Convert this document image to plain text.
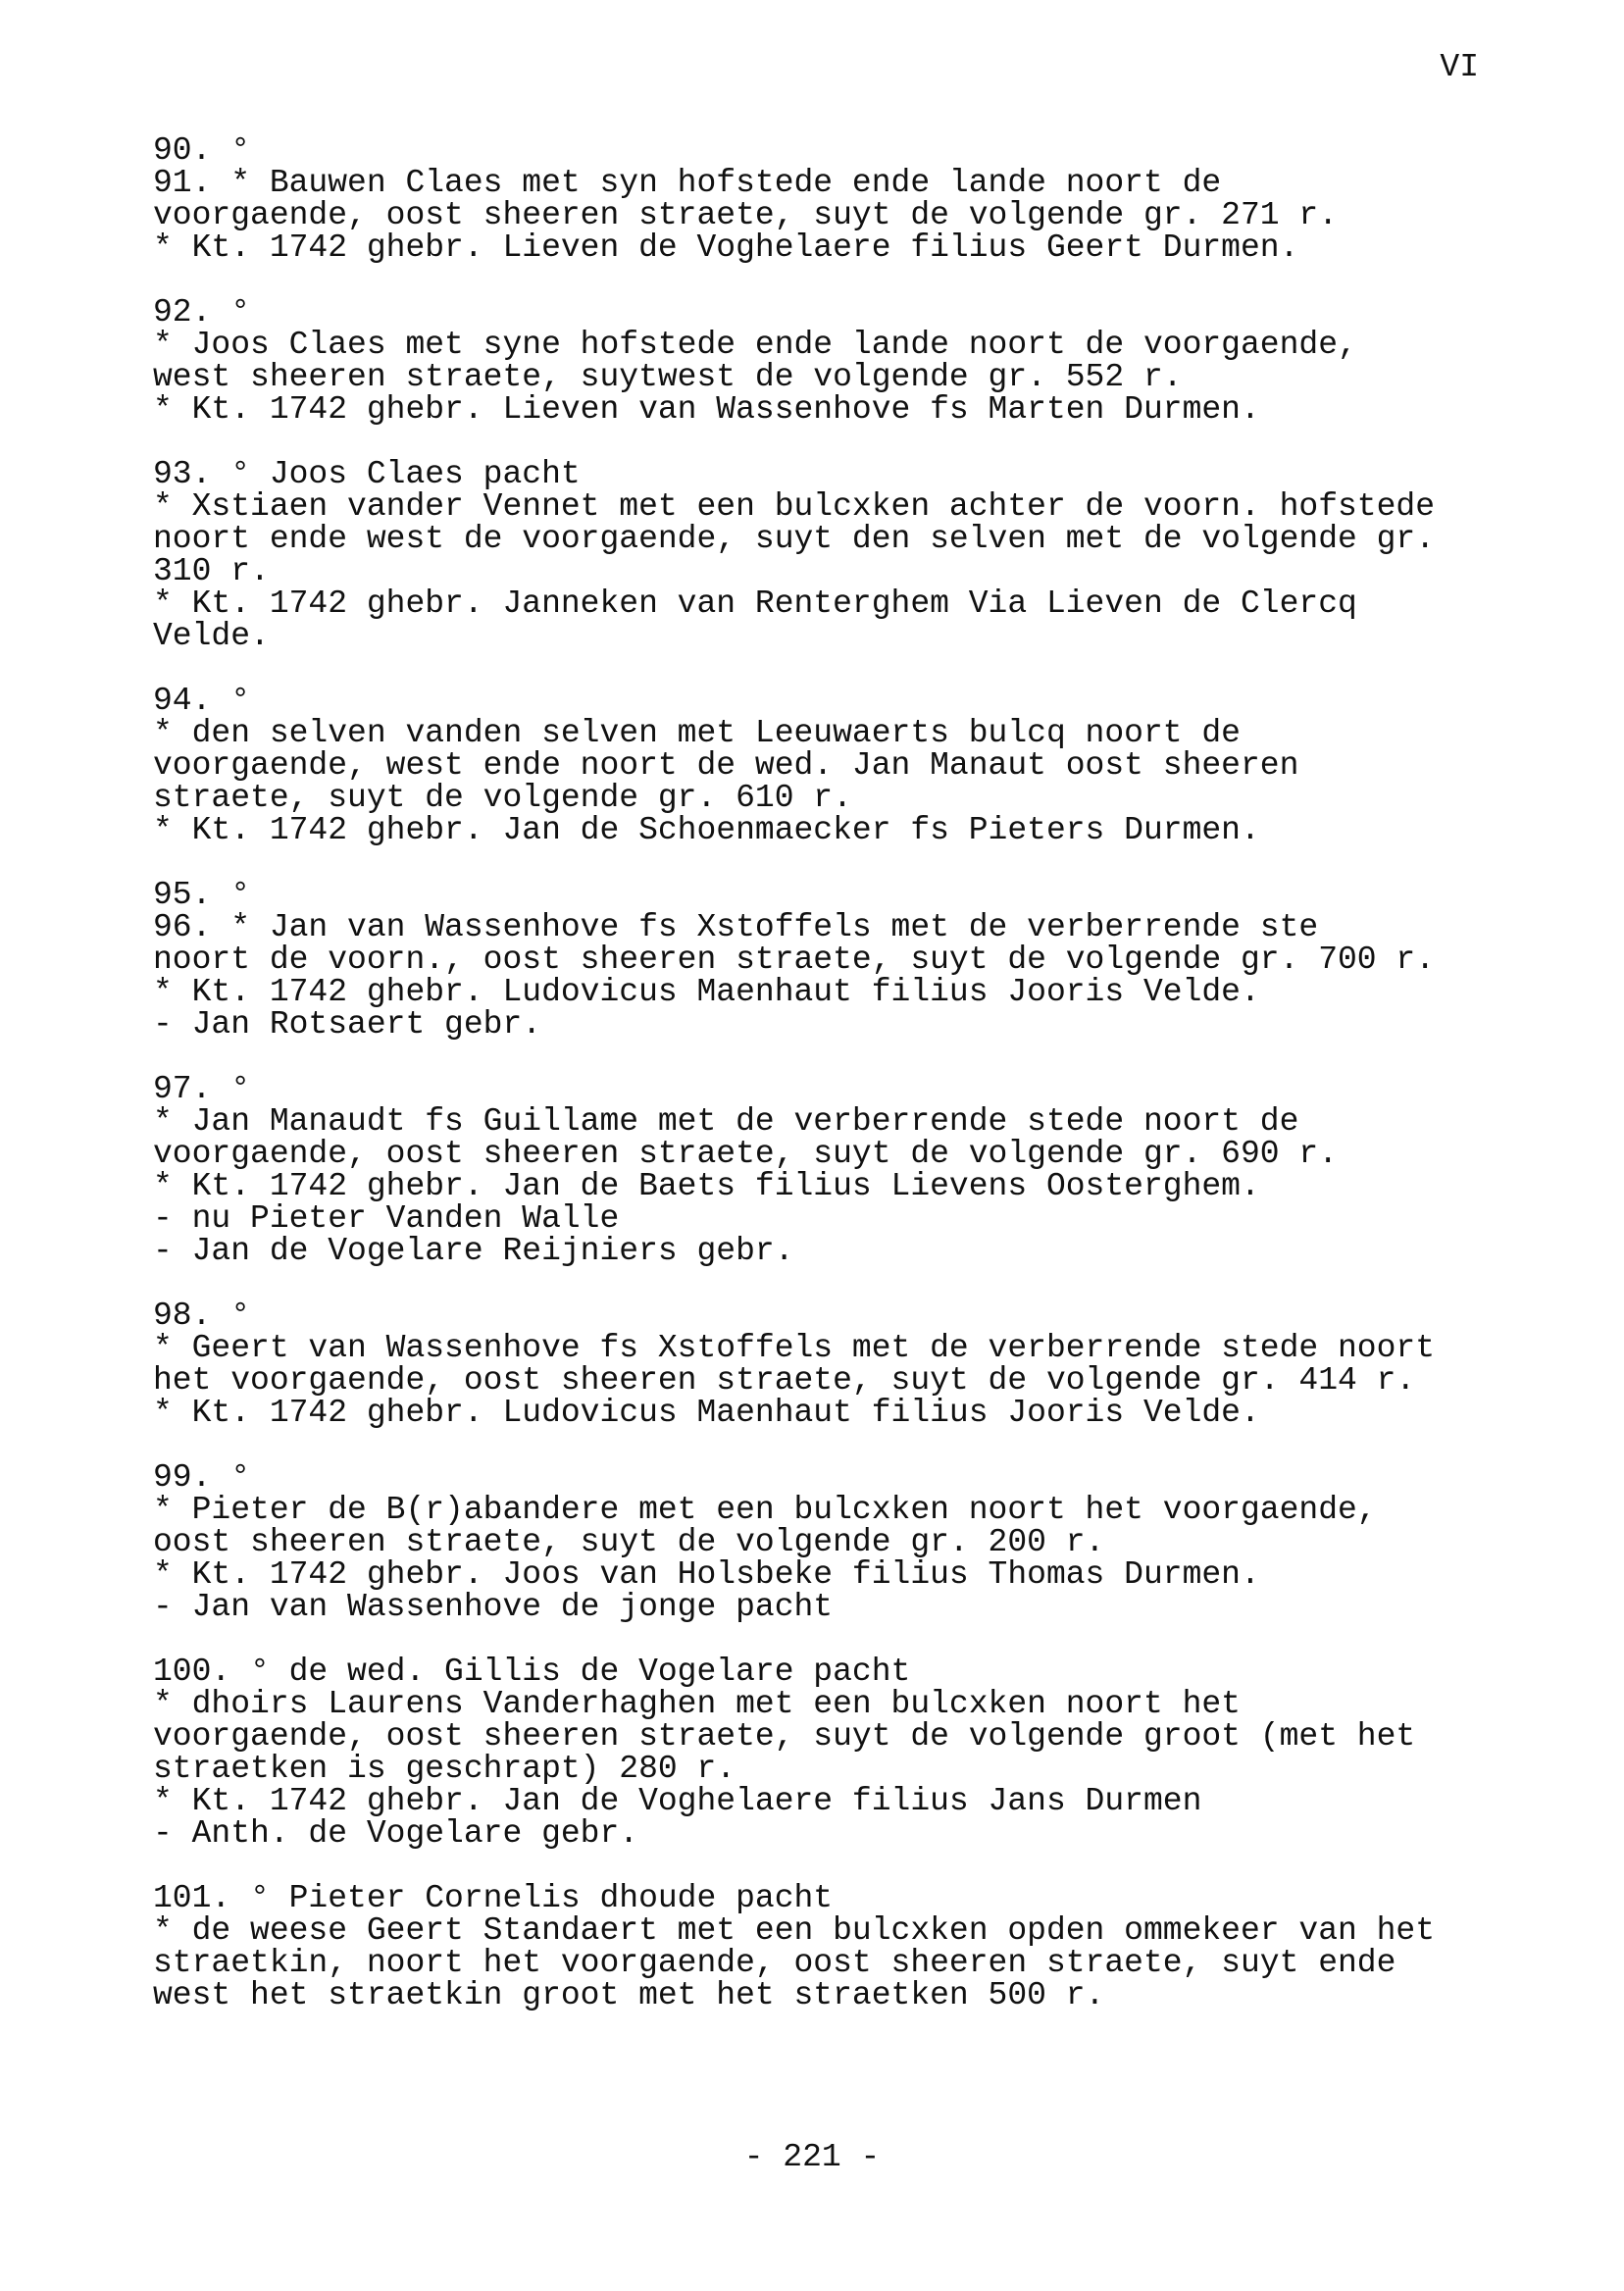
VI
90. °
91. * Bauwen Claes met syn hofstede ende lande noort de
voorgaende, oost sheeren straete, suyt de volgende gr. 271 r.
* Kt. 1742 ghebr. Lieven de Voghelaere filius Geert Durmen.
92. °
* Joos Claes met syne hofstede ende lande noort de voorgaende,
west sheeren straete, suytwest de volgende gr. 552 r.
* Kt. 1742 ghebr. Lieven van Wassenhove fs Marten Durmen.
93. ° Joos Claes pacht
* Xstiaen vander Vennet met een bulcxken achter de voorn. hofstede
noort ende west de voorgaende, suyt den selven met de volgende gr.
310 r.
* Kt. 1742 ghebr. Janneken van Renterghem Via Lieven de Clercq
Velde.
94. °
* den selven vanden selven met Leeuwaerts bulcq noort de
voorgaende, west ende noort de wed. Jan Manaut oost sheeren
straete, suyt de volgende gr. 610 r.
* Kt. 1742 ghebr. Jan de Schoenmaecker fs Pieters Durmen.
95. °
96. * Jan van Wassenhove fs Xstoffels met de verberrende ste
noort de voorn., oost sheeren straete, suyt de volgende gr. 700 r.
* Kt. 1742 ghebr. Ludovicus Maenhaut filius Jooris Velde.
- Jan Rotsaert gebr.
97. °
* Jan Manaudt fs Guillame met de verberrende stede noort de
voorgaende, oost sheeren straete, suyt de volgende gr. 690 r.
* Kt. 1742 ghebr. Jan de Baets filius Lievens Oosterghem.
- nu Pieter Vanden Walle
- Jan de Vogelare Reijniers gebr.
98. °
* Geert van Wassenhove fs Xstoffels met de verberrende stede noort
het voorgaende, oost sheeren straete, suyt de volgende gr. 414 r.
* Kt. 1742 ghebr. Ludovicus Maenhaut filius Jooris Velde.
99. °
* Pieter de B(r)abandere met een bulcxken noort het voorgaende,
oost sheeren straete, suyt de volgende gr. 200 r.
* Kt. 1742 ghebr. Joos van Holsbeke filius Thomas Durmen.
- Jan van Wassenhove de jonge pacht
100. ° de wed. Gillis de Vogelare pacht
* dhoirs Laurens Vanderhaghen met een bulcxken noort het
voorgaende, oost sheeren straete, suyt de volgende groot (met het
straetken is geschrapt) 280 r.
* Kt. 1742 ghebr. Jan de Voghelaere filius Jans Durmen
- Anth. de Vogelare gebr.
101. ° Pieter Cornelis dhoude pacht
* de weese Geert Standaert met een bulcxken opden ommekeer van het
straetkin, noort het voorgaende, oost sheeren straete, suyt ende
west het straetkin groot met het straetken 500 r.
- 221 -
